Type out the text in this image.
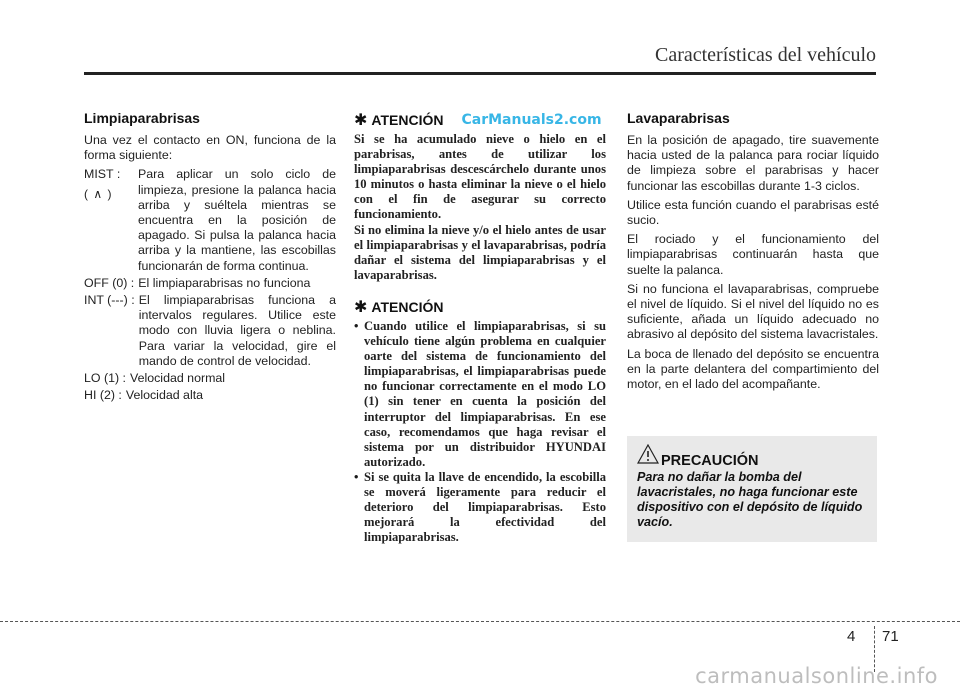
Características del vehículo
Limpiaparabrisas

Una vez el contacto en ON, funciona de la forma siguiente:

MIST :
( ∧ )
Para aplicar un solo ciclo de limpieza, presione la palanca hacia arriba y suéltela mientras se encuentra en la posición de apagado. Si pulsa la palanca hacia arriba y la mantiene, las escobillas funcionarán de forma continua.
OFF (0) : El limpiaparabrisas no funciona
INT (---) : El limpiaparabrisas funciona a intervalos regulares. Utilice este modo con lluvia ligera o neblina. Para variar la velocidad, gire el mando de control de velocidad.
LO (1) : Velocidad normal
HI (2) : Velocidad alta
✱ ATENCIÓN CarManuals2.com

Si se ha acumulado nieve o hielo en el parabrisas, antes de utilizar los limpiaparabrisas descescárchelo durante unos 10 minutos o hasta eliminar la nieve o el hielo con el fin de asegurar su correcto funcionamiento.
Si no elimina la nieve y/o el hielo antes de usar el limpiaparabrisas y el lavaparabrisas, podría dañar el sistema del limpiaparabrisas y el lavaparabrisas.

✱ ATENCIÓN
• Cuando utilice el limpiaparabrisas, si su vehículo tiene algún problema en cualquier oarte del sistema de funcionamiento del limpiaparabrisas, el limpiaparabrisas puede no funcionar correctamente en el modo LO (1) sin tener en cuenta la posición del interruptor del limpiaparabrisas. En ese caso, recomendamos que haga revisar el sistema por un distribuidor HYUNDAI autorizado.

• Si se quita la llave de encendido, la escobilla se moverá ligeramente para reducir el deterioro del limpiaparabrisas. Esto mejorará la efectividad del limpiaparabrisas.

Lavaparabrisas

En la posición de apagado, tire suavemente hacia usted de la palanca para rociar líquido de limpieza sobre el parabrisas y hacer funcionar las escobillas durante 1-3 ciclos.

Utilice esta función cuando el parabrisas esté sucio.

El rociado y el funcionamiento del limpiaparabrisas continuarán hasta que suelte la palanca.

Si no funciona el lavaparabrisas, compruebe el nivel de líquido. Si el nivel del líquido no es suficiente, añada un líquido adecuado no abrasivo al depósito del sistema lavacristales.

La boca de llenado del depósito se encuentra en la parte delantera del compartimiento del motor, en el lado del acompañante.

PRECAUCIÓN
Para no dañar la bomba del lavacristales, no haga funcionar este dispositivo con el depósito de líquido vacío.
4 71
carmanualsonline.info
